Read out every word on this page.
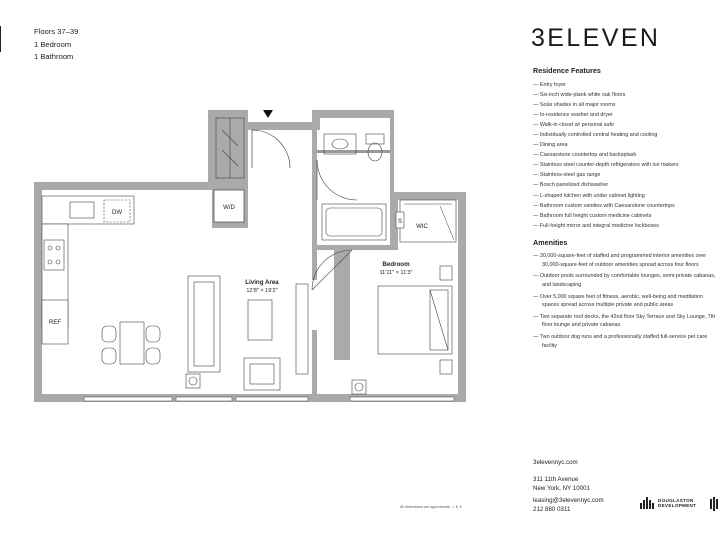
Floors 37–39
1 Bedroom
1 Bathroom
W/D
S
WIC
DW
REF
Living Area
12'8" × 19'2"
Bedroom
11'11" × 11'3"
3ELEVEN
Residence Features
— Entry foyer
— Six-inch wide-plank white oak floors
— Solar shades in all major rooms
— In-residence washer and dryer
— Walk-in closet w/ personal safe
— Individually controlled central heating and cooling
— Dining area
— Caesarstone countertop and backsplash
— Stainless steel counter-depth refrigerators with ice makers
— Stainless-steel gas range
— Bosch panelized dishwasher
— L-shaped kitchen with under cabinet lighting
— Bathroom custom vanities with Caesarstone countertops
— Bathroom full height custom medicine cabinets
— Full-height mirror and integral medicine lockboxes
Amenities
— 30,000-square-feet of staffed and programmed interior amenities over 30,000-square-feet of outdoor amenities spread across four floors
— Outdoor pools surrounded by comfortable lounges, semi-private cabanas, and landscaping
— Over 5,000 square feet of fitness, aerobic, well-being and meditation spaces spread across multiple private and public areas
— Two separate roof decks, the 42nd floor Sky Terrace and Sky Lounge, 7th floor lounge and private cabanas
— Two outdoor dog runs and a professionally staffed full-service pet care facility
3elevennyc.com
311 11th Avenue
New York, NY 10001
leasing@3elevennyc.com
212 880 0311
All dimensions are approximate. ⌂ ♿ ●
DOUGLASTON
DEVELOPMENT
